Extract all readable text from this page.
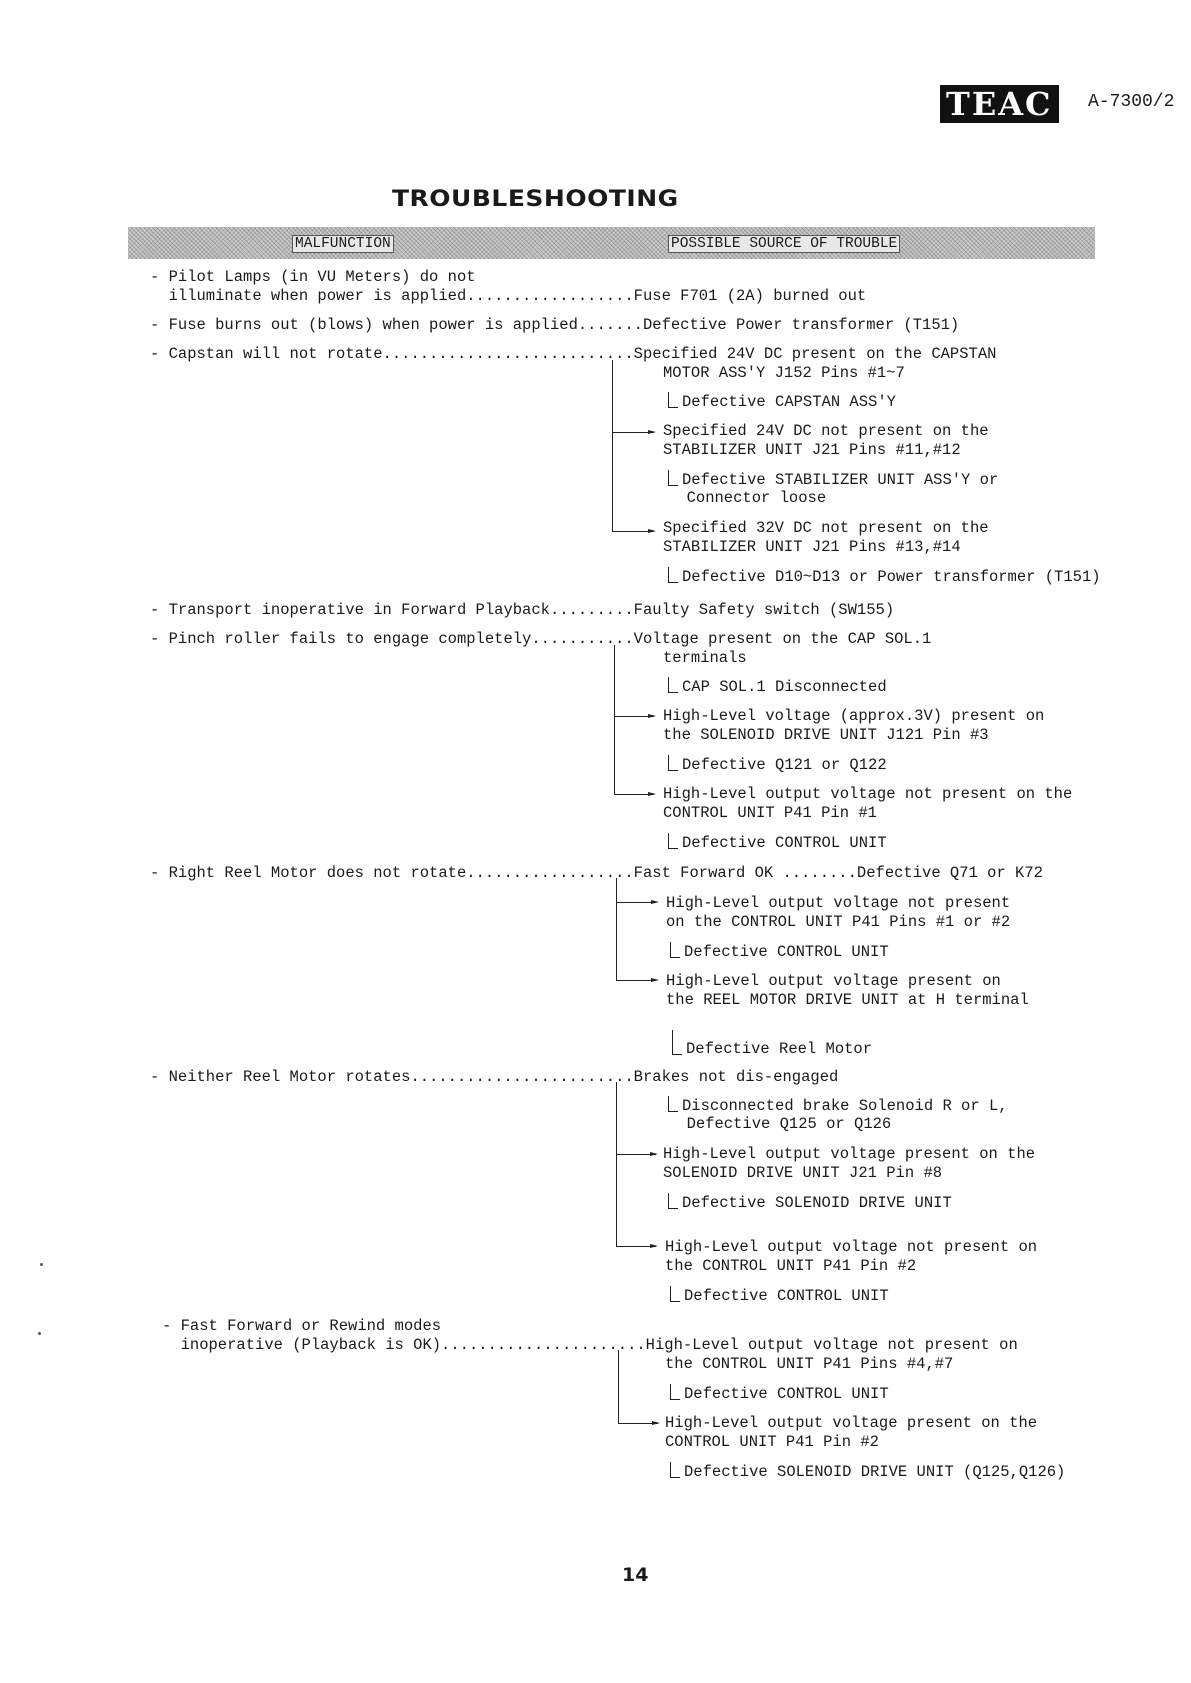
TEAC	A-7300/2
TROUBLESHOOTING
MALFUNCTION	POSSIBLE SOURCE OF TROUBLE
- Pilot Lamps (in VU Meters) do not
illuminate when power is applied..................Fuse F701 (2A) burned out
- Fuse burns out (blows) when power is applied.......Defective Power transformer (T151)
- Capstan will not rotate...........................Specified 24V DC present on the CAPSTAN
MOTOR ASS'Y J152 Pins #1~7
Defective CAPSTAN ASS'Y
Specified 24V DC not present on the
STABILIZER UNIT J21 Pins #11,#12
Defective STABILIZER UNIT ASS'Y or
Connector loose
Specified 32V DC not present on the
STABILIZER UNIT J21 Pins #13,#14
Defective D10~D13 or Power transformer (T151)
- Transport inoperative in Forward Playback.........Faulty Safety switch (SW155)
- Pinch roller fails to engage completely...........Voltage present on the CAP SOL.1
terminals
CAP SOL.1 Disconnected
High-Level voltage (approx.3V) present on
the SOLENOID DRIVE UNIT J121 Pin #3
Defective Q121 or Q122
High-Level output voltage not present on the
CONTROL UNIT P41 Pin #1
Defective CONTROL UNIT
- Right Reel Motor does not rotate..................Fast Forward OK ........Defective Q71 or K72
High-Level output voltage not present
on the CONTROL UNIT P41 Pins #1 or #2
Defective CONTROL UNIT
High-Level output voltage present on
the REEL MOTOR DRIVE UNIT at H terminal
Defective Reel Motor
- Neither Reel Motor rotates........................Brakes not dis-engaged
Disconnected brake Solenoid R or L,
Defective Q125 or Q126
High-Level output voltage present on the
SOLENOID DRIVE UNIT J21 Pin #8
Defective SOLENOID DRIVE UNIT
High-Level output voltage not present on
the CONTROL UNIT P41 Pin #2
Defective CONTROL UNIT
- Fast Forward or Rewind modes
inoperative (Playback is OK)......................High-Level output voltage not present on
the CONTROL UNIT P41 Pins #4,#7
Defective CONTROL UNIT
High-Level output voltage present on the
CONTROL UNIT P41 Pin #2
Defective SOLENOID DRIVE UNIT (Q125,Q126)
14
